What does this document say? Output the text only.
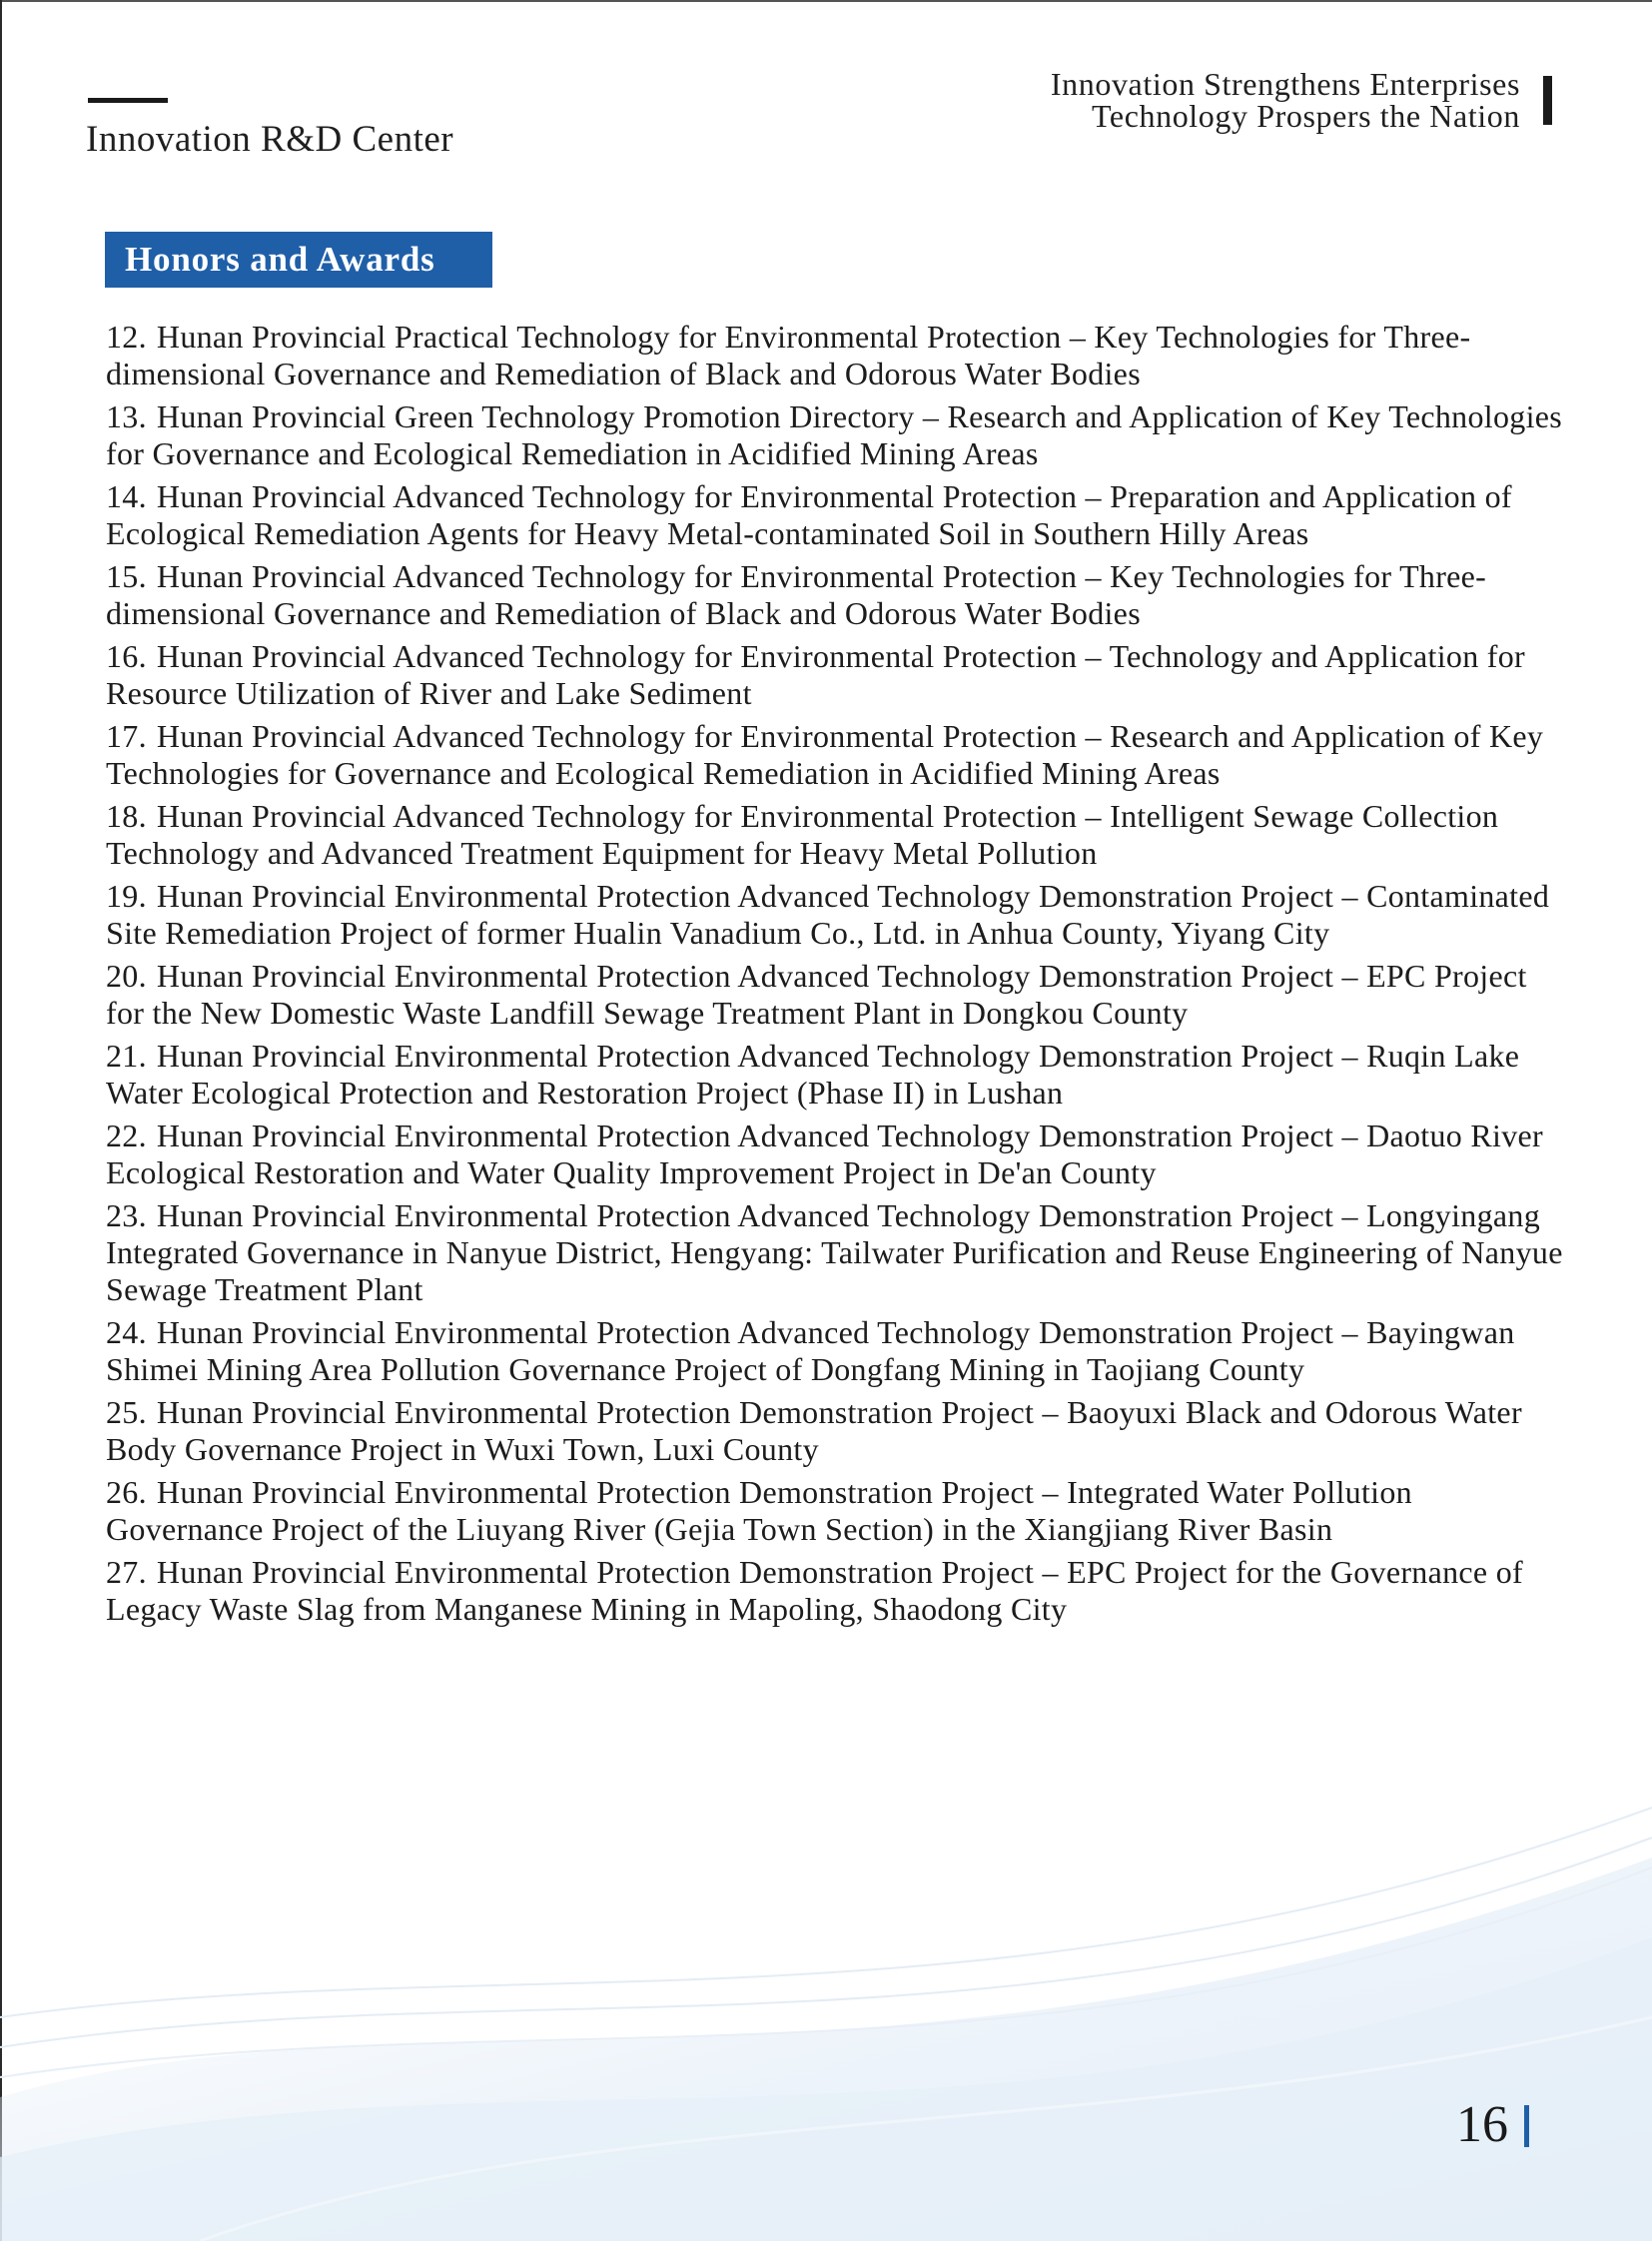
Innovation R&D Center
Innovation Strengthens Enterprises
Technology Prospers the Nation
Honors and Awards
12. Hunan Provincial Practical Technology for Environmental Protection – Key Technologies for Three-dimensional Governance and Remediation of Black and Odorous Water Bodies
13. Hunan Provincial Green Technology Promotion Directory – Research and Application of Key Technologies for Governance and Ecological Remediation in Acidified Mining Areas
14. Hunan Provincial Advanced Technology for Environmental Protection – Preparation and Application of Ecological Remediation Agents for Heavy Metal-contaminated Soil in Southern Hilly Areas
15. Hunan Provincial Advanced Technology for Environmental Protection – Key Technologies for Three-dimensional Governance and Remediation of Black and Odorous Water Bodies
16. Hunan Provincial Advanced Technology for Environmental Protection – Technology and Application for Resource Utilization of River and Lake Sediment
17. Hunan Provincial Advanced Technology for Environmental Protection – Research and Application of Key Technologies for Governance and Ecological Remediation in Acidified Mining Areas
18. Hunan Provincial Advanced Technology for Environmental Protection – Intelligent Sewage Collection Technology and Advanced Treatment Equipment for Heavy Metal Pollution
19. Hunan Provincial Environmental Protection Advanced Technology Demonstration Project – Contaminated Site Remediation Project of former Hualin Vanadium Co., Ltd. in Anhua County, Yiyang City
20. Hunan Provincial Environmental Protection Advanced Technology Demonstration Project – EPC Project for the New Domestic Waste Landfill Sewage Treatment Plant in Dongkou County
21. Hunan Provincial Environmental Protection Advanced Technology Demonstration Project – Ruqin Lake Water Ecological Protection and Restoration Project (Phase II) in Lushan
22. Hunan Provincial Environmental Protection Advanced Technology Demonstration Project – Daotuo River Ecological Restoration and Water Quality Improvement Project in De'an County
23. Hunan Provincial Environmental Protection Advanced Technology Demonstration Project – Longyingang Integrated Governance in Nanyue District, Hengyang: Tailwater Purification and Reuse Engineering of Nanyue Sewage Treatment Plant
24. Hunan Provincial Environmental Protection Advanced Technology Demonstration Project – Bayingwan Shimei Mining Area Pollution Governance Project of Dongfang Mining in Taojiang County
25. Hunan Provincial Environmental Protection Demonstration Project – Baoyuxi Black and Odorous Water Body Governance Project in Wuxi Town, Luxi County
26. Hunan Provincial Environmental Protection Demonstration Project – Integrated Water Pollution Governance Project of the Liuyang River (Gejia Town Section) in the Xiangjiang River Basin
27. Hunan Provincial Environmental Protection Demonstration Project – EPC Project for the Governance of Legacy Waste Slag from Manganese Mining in Mapoling, Shaodong City
16
